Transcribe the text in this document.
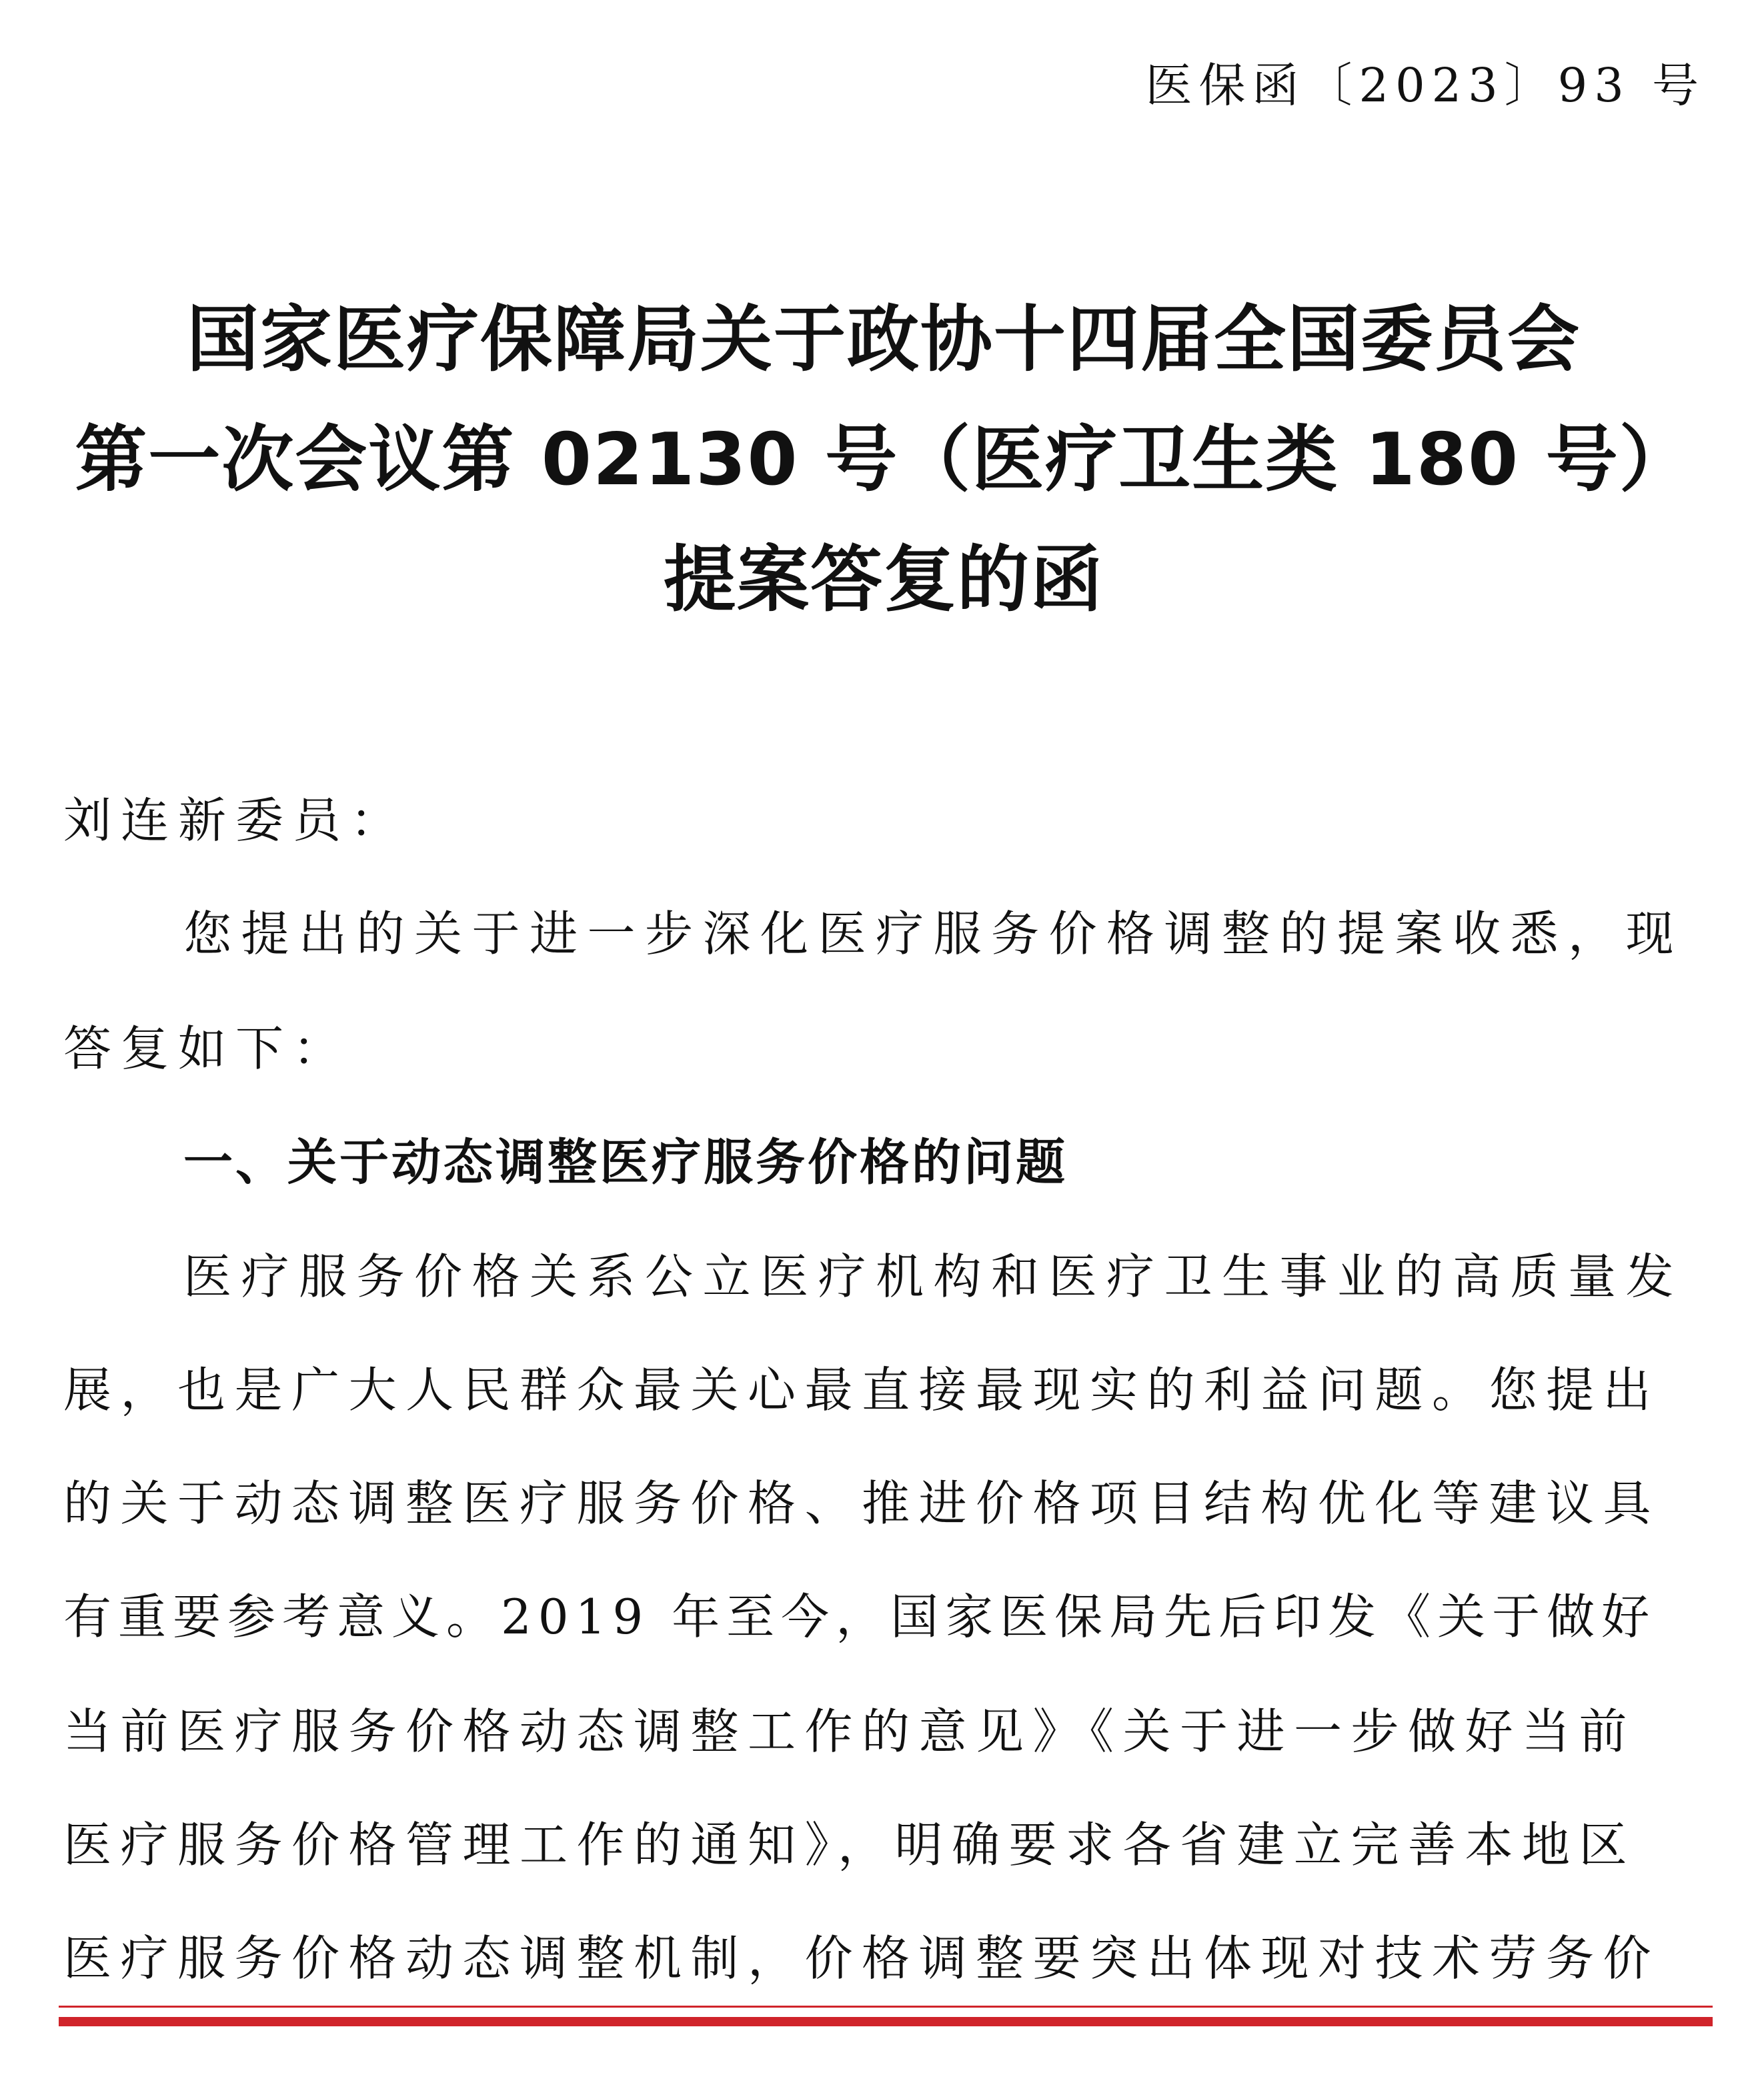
医保函〔2023〕93 号
国家医疗保障局关于政协十四届全国委员会
第一次会议第 02130 号（医疗卫生类 180 号）
提案答复的函
刘连新委员：
您提出的关于进一步深化医疗服务价格调整的提案收悉，现
答复如下：
一、关于动态调整医疗服务价格的问题
医疗服务价格关系公立医疗机构和医疗卫生事业的高质量发
展，也是广大人民群众最关心最直接最现实的利益问题。您提出
的关于动态调整医疗服务价格、推进价格项目结构优化等建议具
有重要参考意义。2019 年至今，国家医保局先后印发《关于做好
当前医疗服务价格动态调整工作的意见》《关于进一步做好当前
医疗服务价格管理工作的通知》，明确要求各省建立完善本地区
医疗服务价格动态调整机制，价格调整要突出体现对技术劳务价
